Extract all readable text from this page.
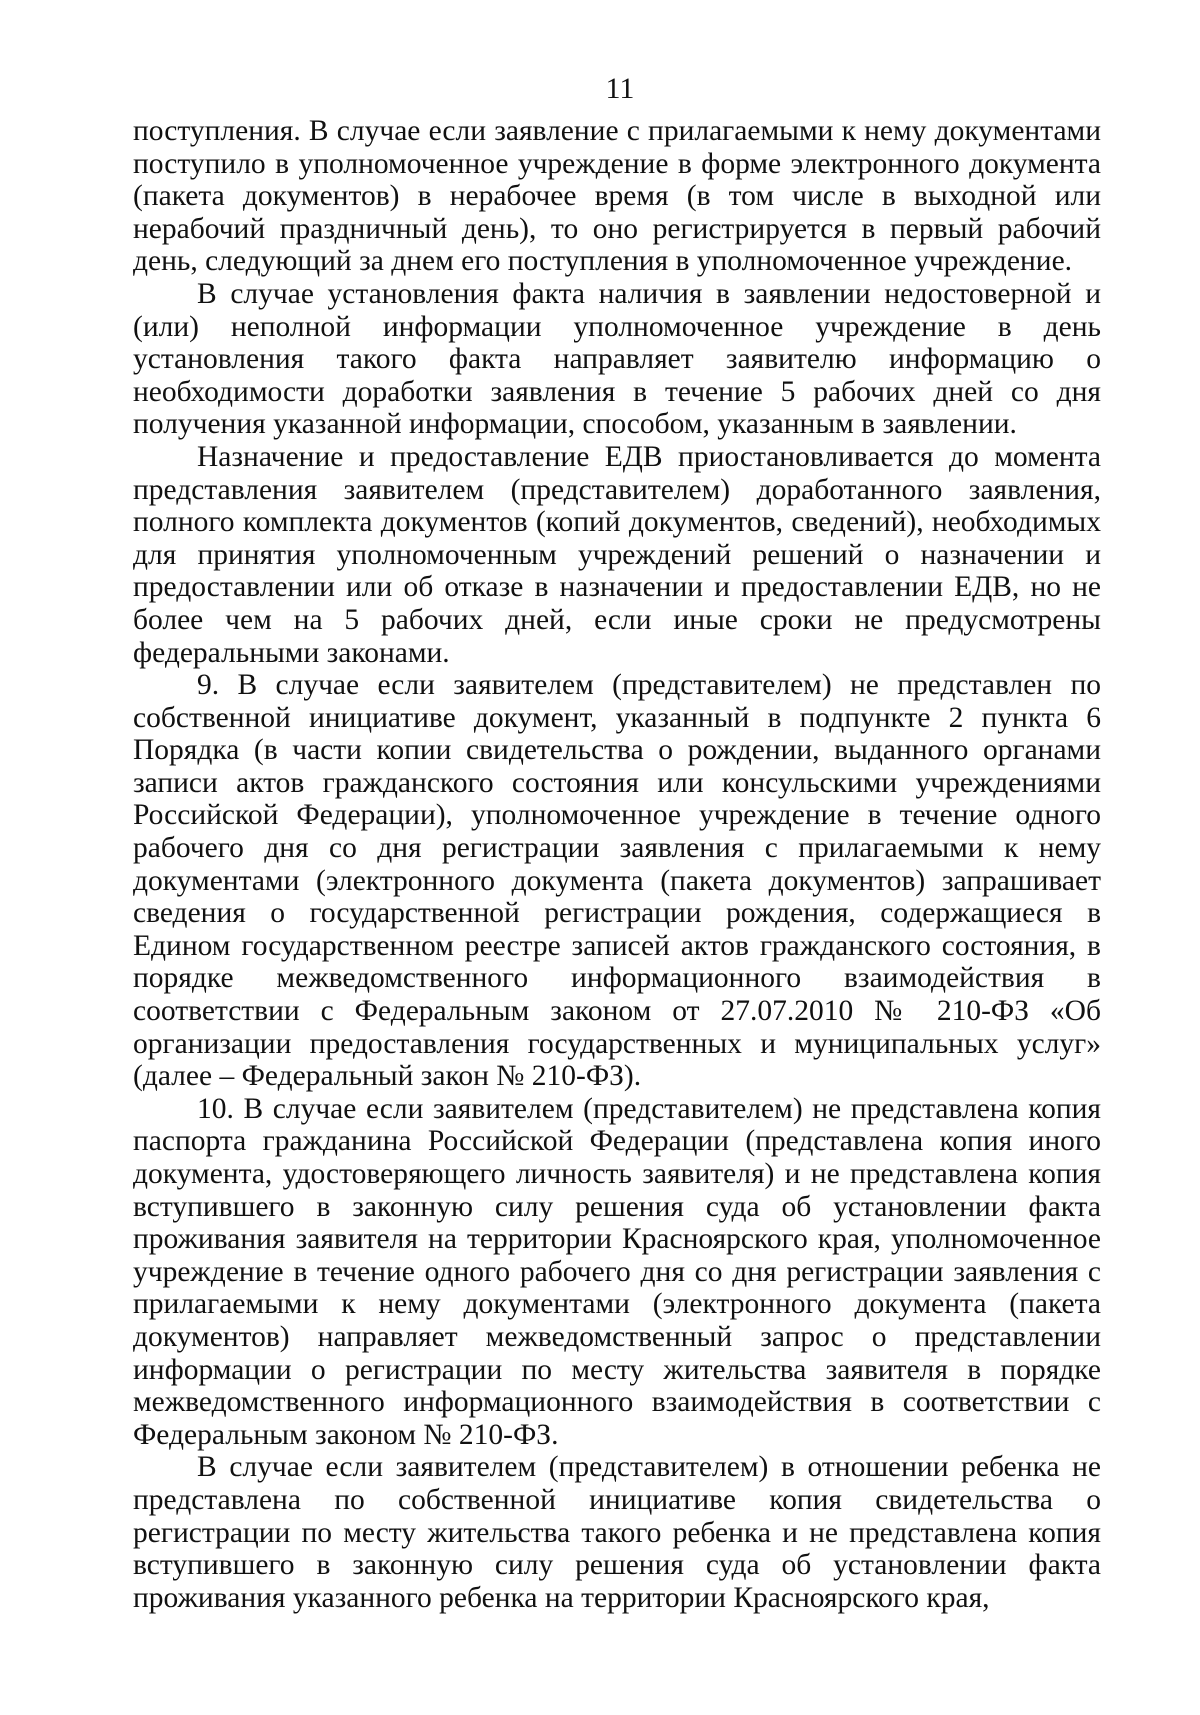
11

поступления. В случае если заявление с прилагаемыми к нему документами поступило в уполномоченное учреждение в форме электронного документа (пакета документов) в нерабочее время (в том числе в выходной или нерабочий праздничный день), то оно регистрируется в первый рабочий день, следующий за днем его поступления в уполномоченное учреждение.

В случае установления факта наличия в заявлении недостоверной и (или) неполной информации уполномоченное учреждение в день установления такого факта направляет заявителю информацию о необходимости доработки заявления в течение 5 рабочих дней со дня получения указанной информации, способом, указанным в заявлении.

Назначение и предоставление ЕДВ приостановливается до момента представления заявителем (представителем) доработанного заявления, полного комплекта документов (копий документов, сведений), необходимых для принятия уполномоченным учреждений решений о назначении и предоставлении или об отказе в назначении и предоставлении ЕДВ, но не более чем на 5 рабочих дней, если иные сроки не предусмотрены федеральными законами.

9. В случае если заявителем (представителем) не представлен по собственной инициативе документ, указанный в подпункте 2 пункта 6 Порядка (в части копии свидетельства о рождении, выданного органами записи актов гражданского состояния или консульскими учреждениями Российской Федерации), уполномоченное учреждение в течение одного рабочего дня со дня регистрации заявления с прилагаемыми к нему документами (электронного документа (пакета документов) запрашивает сведения о государственной регистрации рождения, содержащиеся в Едином государственном реестре записей актов гражданского состояния, в порядке межведомственного информационного взаимодействия в соответствии с Федеральным законом от 27.07.2010 № 210-ФЗ «Об организации предоставления государственных и муниципальных услуг» (далее – Федеральный закон № 210-ФЗ).

10. В случае если заявителем (представителем) не представлена копия паспорта гражданина Российской Федерации (представлена копия иного документа, удостоверяющего личность заявителя) и не представлена копия вступившего в законную силу решения суда об установлении факта проживания заявителя на территории Красноярского края, уполномоченное учреждение в течение одного рабочего дня со дня регистрации заявления с прилагаемыми к нему документами (электронного документа (пакета документов) направляет межведомственный запрос о представлении информации о регистрации по месту жительства заявителя в порядке межведомственного информационного взаимодействия в соответствии с Федеральным законом № 210-ФЗ.

В случае если заявителем (представителем) в отношении ребенка не представлена по собственной инициативе копия свидетельства о регистрации по месту жительства такого ребенка и не представлена копия вступившего в законную силу решения суда об установлении факта проживания указанного ребенка на территории Красноярского края,
